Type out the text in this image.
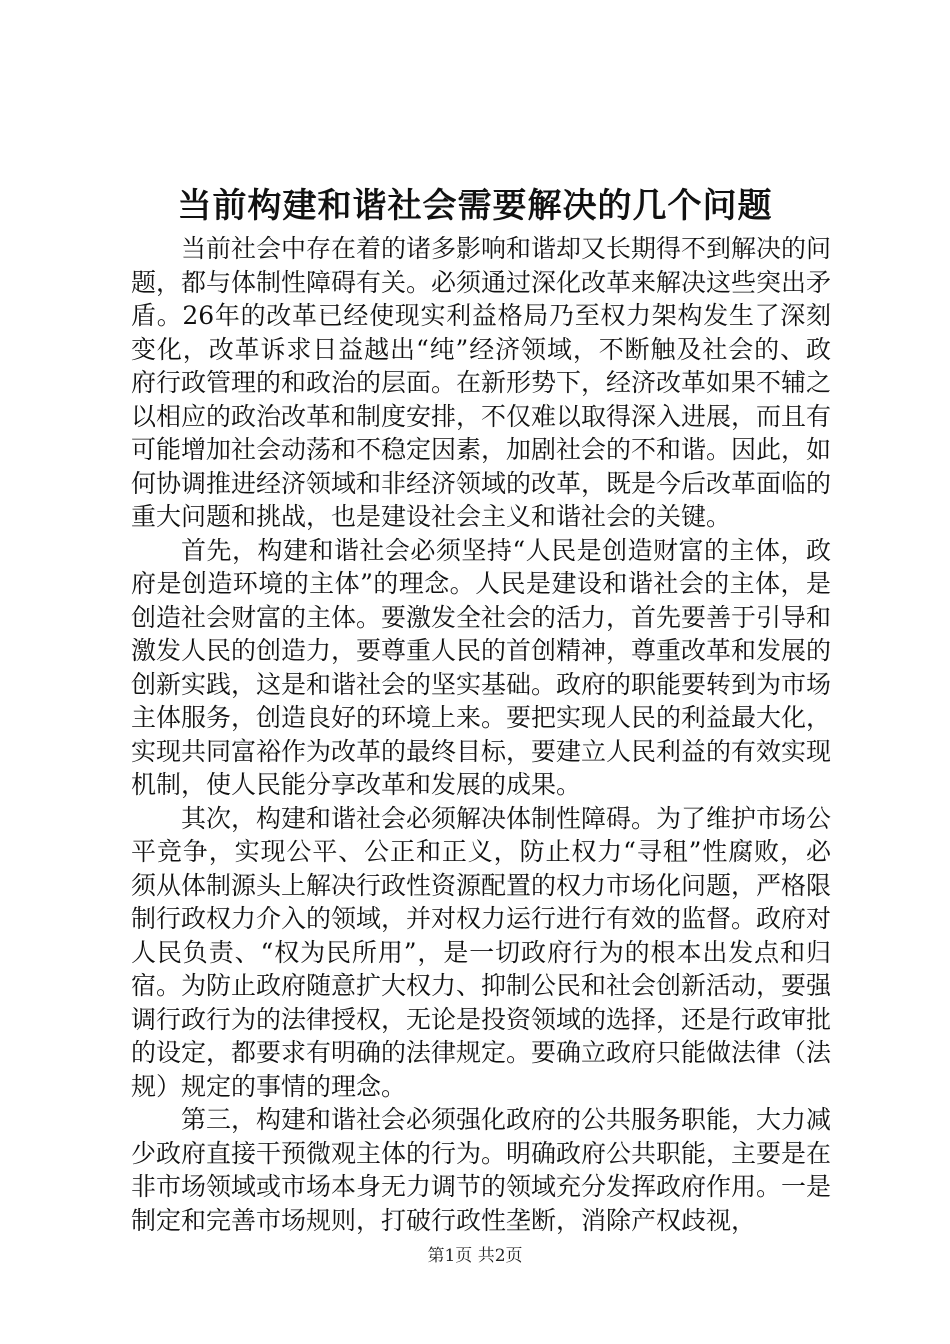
当前构建和谐社会需要解决的几个问题

当前社会中存在着的诸多影响和谐却又长期得不到解决的问题，都与体制性障碍有关。必须通过深化改革来解决这些突出矛盾。26年的改革已经使现实利益格局乃至权力架构发生了深刻变化，改革诉求日益越出“纯”经济领域，不断触及社会的、政府行政管理的和政治的层面。在新形势下，经济改革如果不辅之以相应的政治改革和制度安排，不仅难以取得深入进展，而且有可能增加社会动荡和不稳定因素，加剧社会的不和谐。因此，如何协调推进经济领域和非经济领域的改革，既是今后改革面临的重大问题和挑战，也是建设社会主义和谐社会的关键。

首先，构建和谐社会必须坚持“人民是创造财富的主体，政府是创造环境的主体”的理念。人民是建设和谐社会的主体，是创造社会财富的主体。要激发全社会的活力，首先要善于引导和激发人民的创造力，要尊重人民的首创精神，尊重改革和发展的创新实践，这是和谐社会的坚实基础。政府的职能要转到为市场主体服务，创造良好的环境上来。要把实现人民的利益最大化，实现共同富裕作为改革的最终目标，要建立人民利益的有效实现机制，使人民能分享改革和发展的成果。

其次，构建和谐社会必须解决体制性障碍。为了维护市场公平竞争，实现公平、公正和正义，防止权力“寻租”性腐败，必须从体制源头上解决行政性资源配置的权力市场化问题，严格限制行政权力介入的领域，并对权力运行进行有效的监督。政府对人民负责、“权为民所用”，是一切政府行为的根本出发点和归宿。为防止政府随意扩大权力、抑制公民和社会创新活动，要强调行政行为的法律授权，无论是投资领域的选择，还是行政审批的设定，都要求有明确的法律规定。要确立政府只能做法律（法规）规定的事情的理念。

第三，构建和谐社会必须强化政府的公共服务职能，大力减少政府直接干预微观主体的行为。明确政府公共职能，主要是在非市场领域或市场本身无力调节的领域充分发挥政府作用。一是制定和完善市场规则，打破行政性垄断，消除产权歧视，

第1页 共2页
